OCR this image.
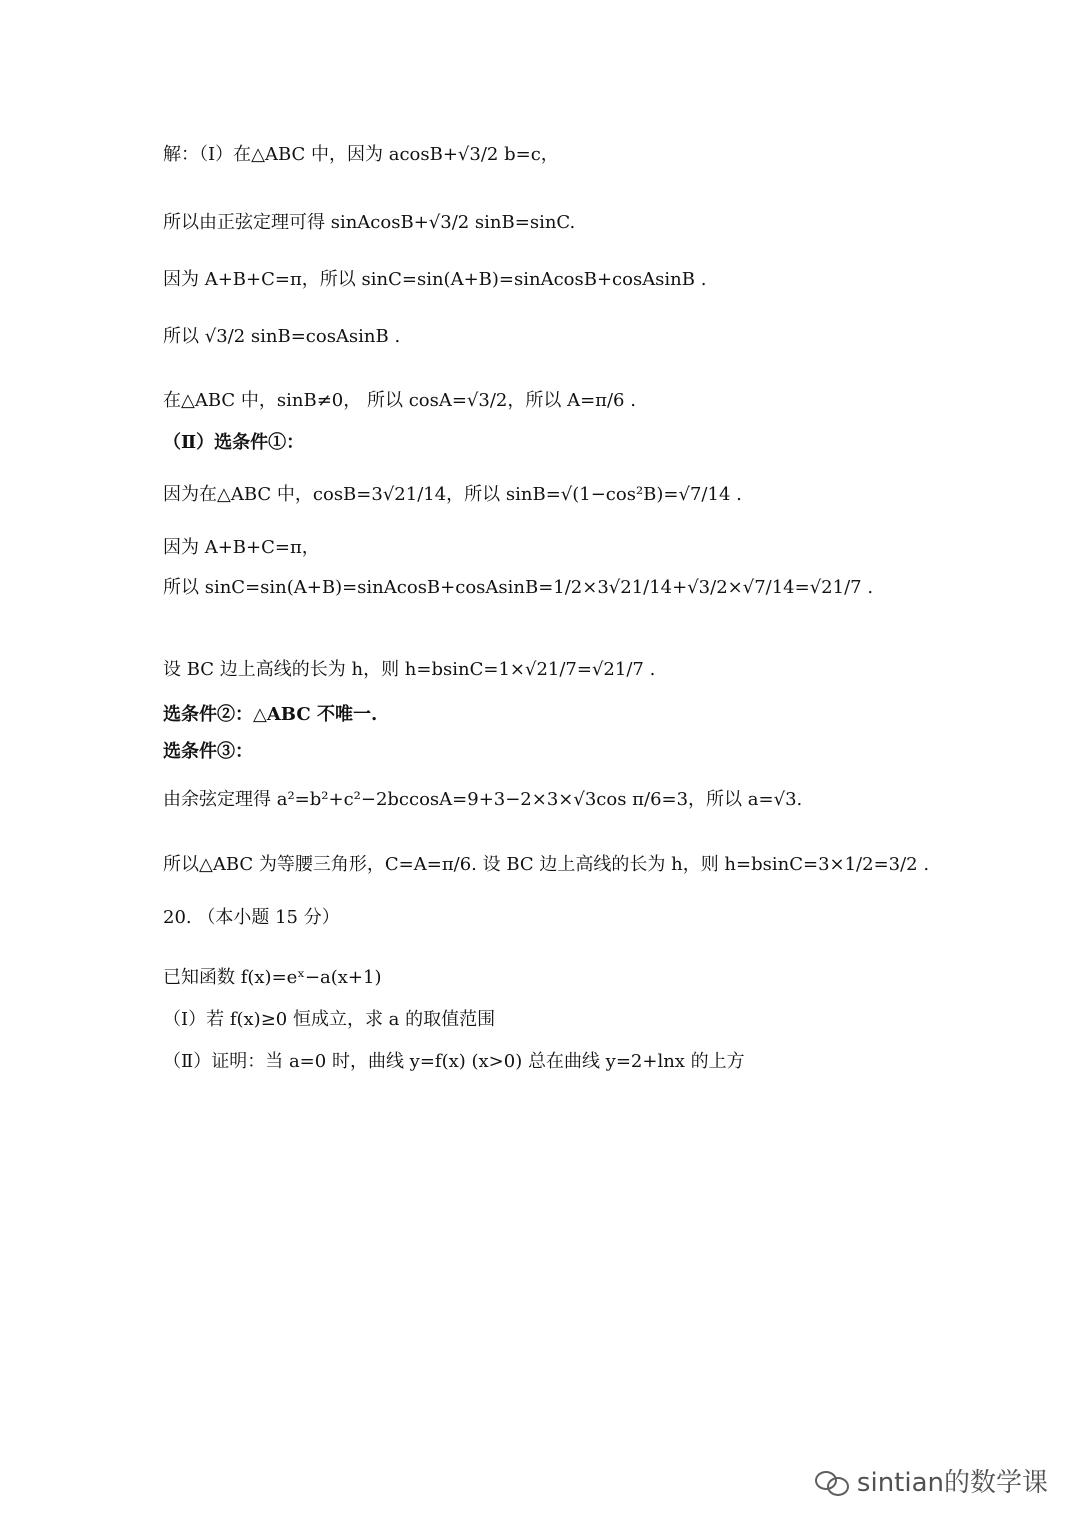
解：（Ⅰ）在△ABC 中，因为 acosB+√3/2 b=c，
所以由正弦定理可得 sinAcosB+√3/2 sinB=sinC.
因为 A+B+C=π，所以 sinC=sin(A+B)=sinAcosB+cosAsinB .
所以 √3/2 sinB=cosAsinB .
在△ABC 中，sinB≠0， 所以 cosA=√3/2，所以 A=π/6 .
（Ⅱ）选条件①：
因为在△ABC 中，cosB=3√21/14，所以 sinB=√(1−cos²B)=√7/14 .
因为 A+B+C=π，
所以 sinC=sin(A+B)=sinAcosB+cosAsinB=1/2×3√21/14+√3/2×√7/14=√21/7 .
设 BC 边上高线的长为 h，则 h=bsinC=1×√21/7=√21/7 .
选条件②：△ABC 不唯一.
选条件③：
由余弦定理得 a²=b²+c²−2bccosA=9+3−2×3×√3cos π/6=3，所以 a=√3.
所以△ABC 为等腰三角形，C=A=π/6. 设 BC 边上高线的长为 h，则 h=bsinC=3×1/2=3/2 .
20. （本小题 15 分）
已知函数 f(x)=eˣ−a(x+1)
（Ⅰ）若 f(x)≥0 恒成立，求 a 的取值范围
（Ⅱ）证明：当 a=0 时，曲线 y=f(x) (x>0) 总在曲线 y=2+lnx 的上方
sintian的数学课
